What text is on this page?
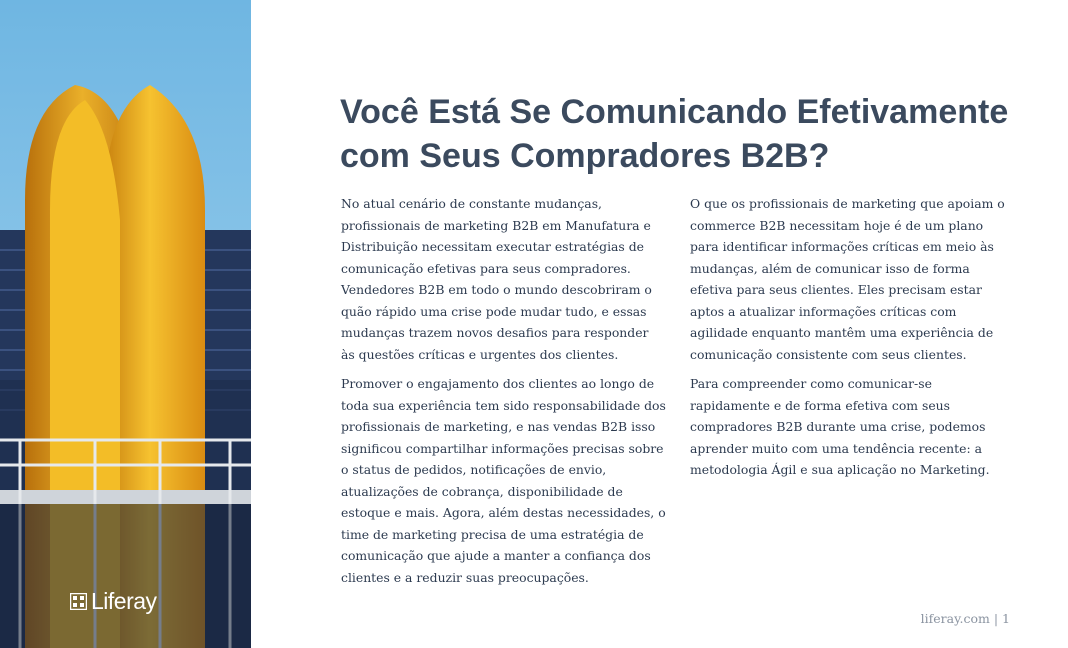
Liferay
Você Está Se Comunicando Efetivamente
com Seus Compradores B2B?

No atual cenário de constante mudanças, profissionais de marketing B2B em Manufatura e Distribuição necessitam executar estratégias de comunicação efetivas para seus compradores. Vendedores B2B em todo o mundo descobriram o quão rápido uma crise pode mudar tudo, e essas mudanças trazem novos desafios para responder às questões críticas e urgentes dos clientes.

Promover o engajamento dos clientes ao longo de toda sua experiência tem sido responsabilidade dos profissionais de marketing, e nas vendas B2B isso significou compartilhar informações precisas sobre o status de pedidos, notificações de envio, atualizações de cobrança, disponibilidade de estoque e mais. Agora, além destas necessidades, o time de marketing precisa de uma estratégia de comunicação que ajude a manter a confiança dos clientes e a reduzir suas preocupações.

O que os profissionais de marketing que apoiam o commerce B2B necessitam hoje é de um plano para identificar informações críticas em meio às mudanças, além de comunicar isso de forma efetiva para seus clientes. Eles precisam estar aptos a atualizar informações críticas com agilidade enquanto mantêm uma experiência de comunicação consistente com seus clientes.

Para compreender como comunicar-se rapidamente e de forma efetiva com seus compradores B2B durante uma crise, podemos aprender muito com uma tendência recente: a metodologia Ágil e sua aplicação no Marketing.

liferay.com | 1
